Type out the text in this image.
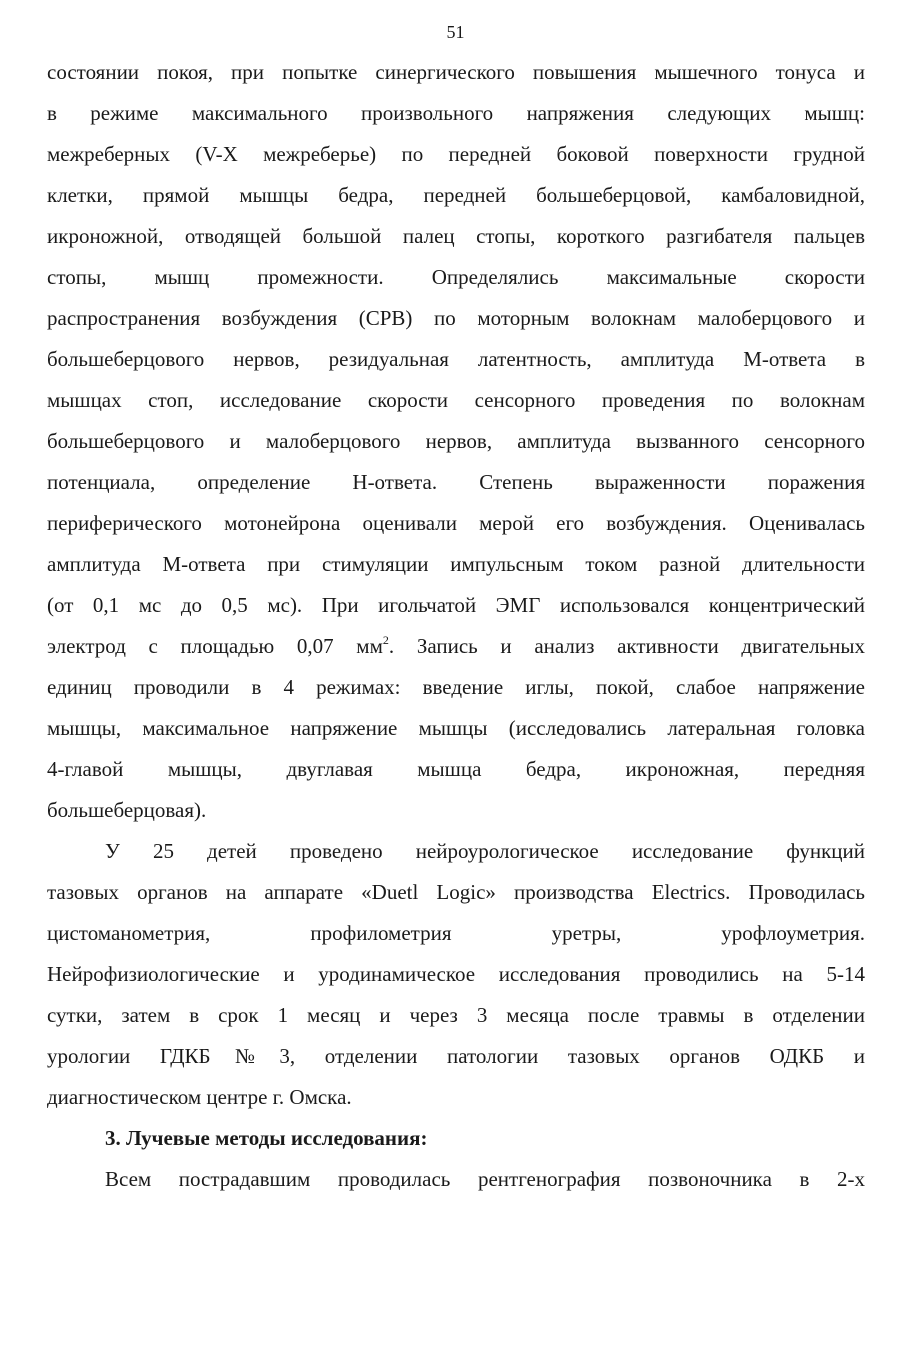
51
состоянии покоя, при попытке синергического повышения мышечного тонуса и
в режиме максимального произвольного напряжения следующих мышц:
межреберных (V-X межреберье) по передней боковой поверхности грудной
клетки, прямой мышцы бедра, передней большеберцовой, камбаловидной,
икроножной, отводящей большой палец стопы, короткого разгибателя пальцев
стопы, мышц промежности. Определялись максимальные скорости
распространения возбуждения (СРВ) по моторным волокнам малоберцового и
большеберцового нервов, резидуальная латентность, амплитуда М-ответа в
мышцах стоп, исследование скорости сенсорного проведения по волокнам
большеберцового и малоберцового нервов, амплитуда вызванного сенсорного
потенциала, определение Н-ответа. Степень выраженности поражения
периферического мотонейрона оценивали мерой его возбуждения. Оценивалась
амплитуда М-ответа при стимуляции импульсным током разной длительности
(от 0,1 мс до 0,5 мс). При игольчатой ЭМГ использовался концентрический
электрод с площадью 0,07 $мм^2$. Запись и анализ активности двигательных
единиц проводили в 4 режимах: введение иглы, покой, слабое напряжение
мышцы, максимальное напряжение мышцы (исследовались латеральная головка
4-главой мышцы, двуглавая мышца бедра, икроножная, передняя
большеберцовая).
У 25 детей проведено нейроурологическое исследование функций
тазовых органов на аппарате «Duetl Logic» производства Electrics. Проводилась
цистоманометрия, профилометрия уретры, урофлоуметрия.
Нейрофизиологические и уродинамическое исследования проводились на 5-14
сутки, затем в срок 1 месяц и через 3 месяца после травмы в отделении
урологии ГДКБ№3, отделении патологии тазовых органов ОДКБ и
диагностическом центре г. Омска.
3. Лучевые методы исследования:
Всем пострадавшим проводилась рентгенография позвоночника в 2-х
